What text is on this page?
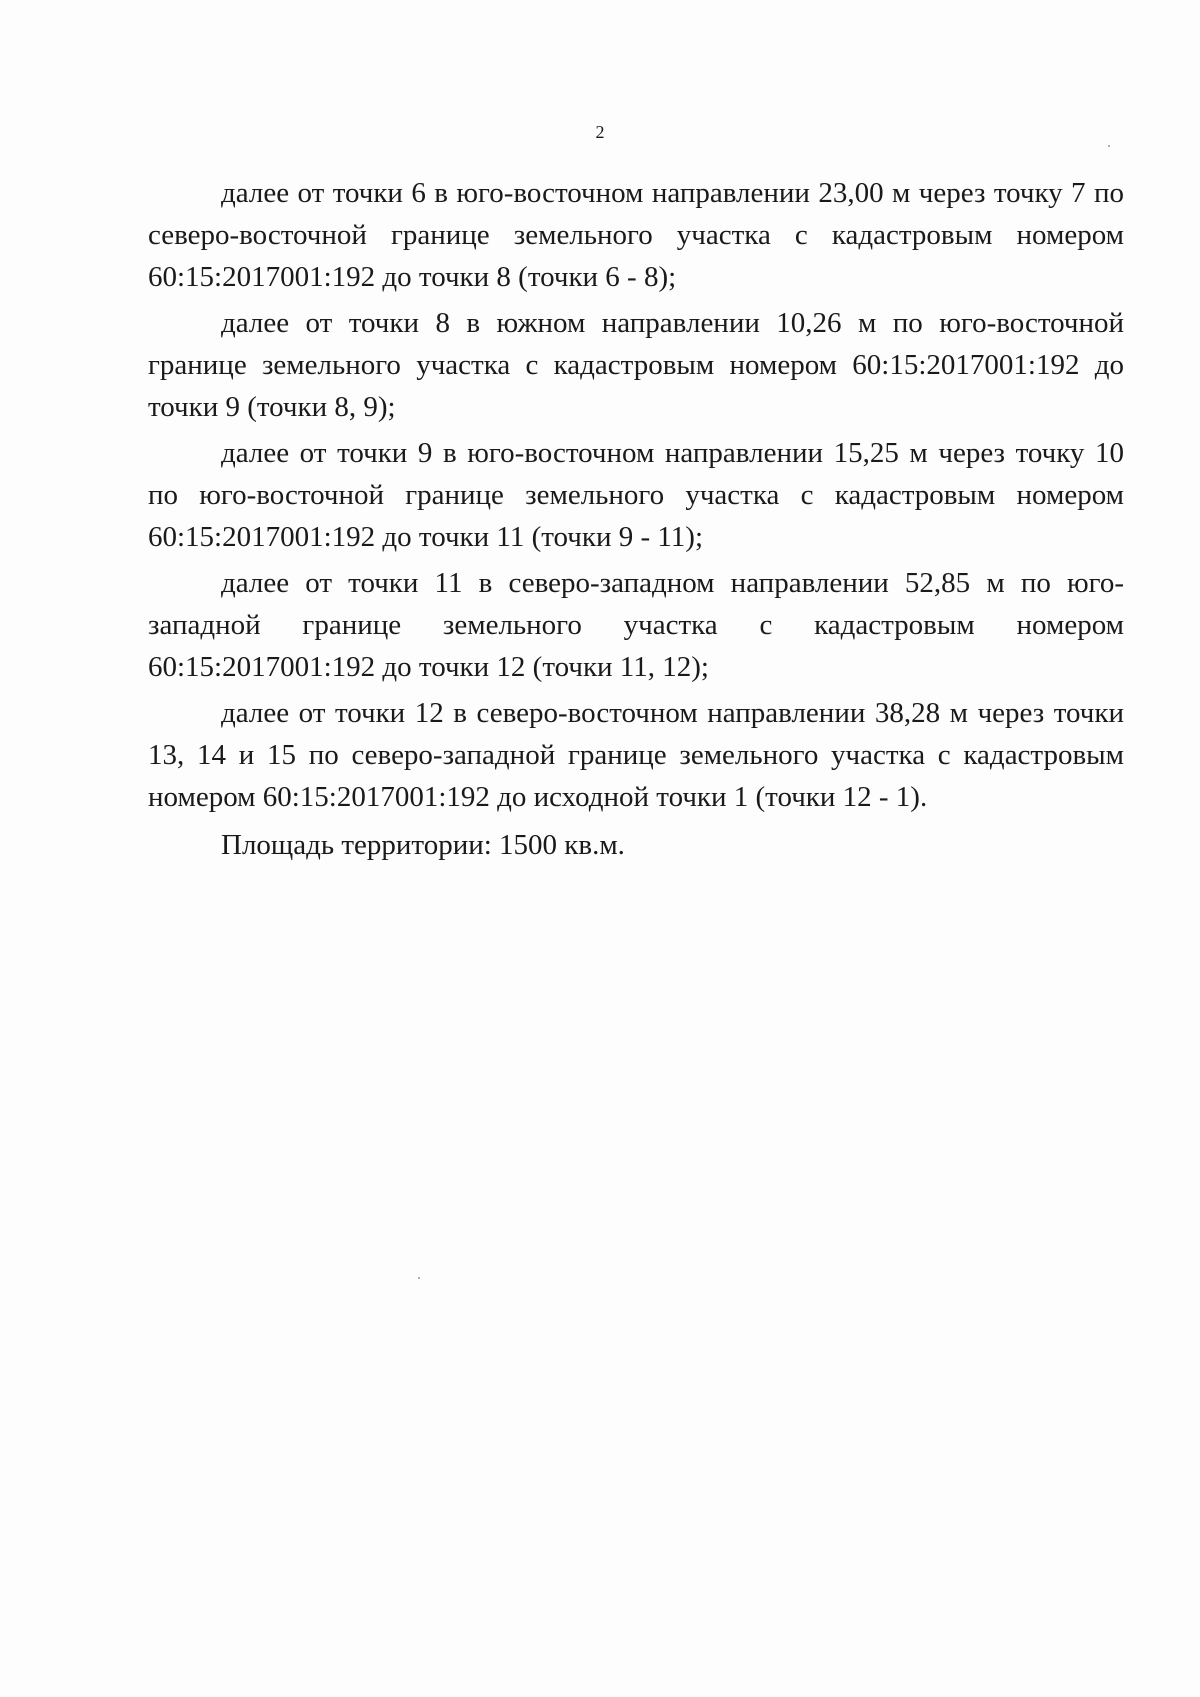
2

далее от точки 6 в юго-восточном направлении 23,00 м через точку 7 по северо-восточной границе земельного участка с кадастровым номером 60:15:2017001:192 до точки 8 (точки 6 - 8);

далее от точки 8 в южном направлении 10,26 м по юго-восточной границе земельного участка с кадастровым номером 60:15:2017001:192 до точки 9 (точки 8, 9);

далее от точки 9 в юго-восточном направлении 15,25 м через точку 10 по юго-восточной границе земельного участка с кадастровым номером 60:15:2017001:192 до точки 11 (точки 9 - 11);

далее от точки 11 в северо-западном направлении 52,85 м по юго-западной границе земельного участка с кадастровым номером 60:15:2017001:192 до точки 12 (точки 11, 12);

далее от точки 12 в северо-восточном направлении 38,28 м через точки 13, 14 и 15 по северо-западной границе земельного участка с кадастровым номером 60:15:2017001:192 до исходной точки 1 (точки 12 - 1).

Площадь территории: 1500 кв.м.
